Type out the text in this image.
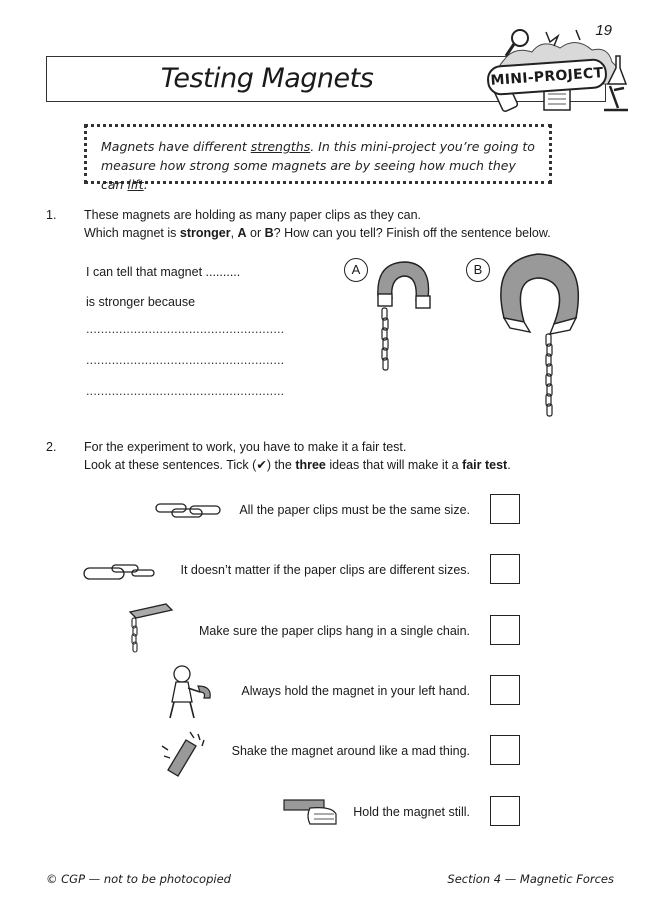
19
Testing Magnets	MINI-PROJECT
Magnets have different strengths. In this mini-project you’re going to
measure how strong some magnets are by seeing how much they can lift.
1. These magnets are holding as many paper clips as they can.
Which magnet is stronger, A or B? How can you tell? Finish off the sentence below.
I can tell that magnet ..........
is stronger because
......................................................
......................................................
......................................................
A	B
2. For the experiment to work, you have to make it a fair test.
Look at these sentences. Tick (✔) the three ideas that will make it a fair test.
All the paper clips must be the same size.
It doesn’t matter if the paper clips are different sizes.
Make sure the paper clips hang in a single chain.
Always hold the magnet in your left hand.
Shake the magnet around like a mad thing.
Hold the magnet still.
© CGP — not to be photocopied	Section 4 — Magnetic Forces
